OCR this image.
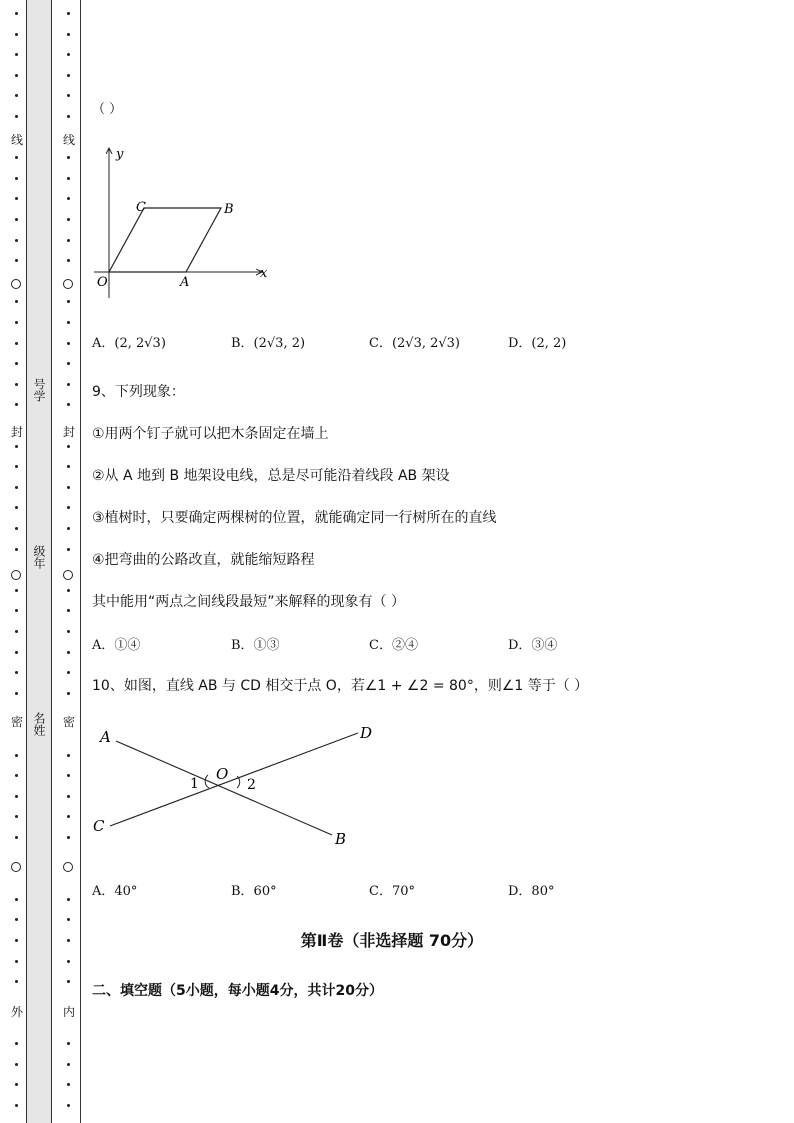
线
封
密
外
线
封
密
内
号学
级年
名姓
（ ）
y
x
O	A
B
C
A．(2, 2√3)	B．(2√3, 2)	C．(2√3, 2√3)	D．(2, 2)
9、下列现象：
①用两个钉子就可以把木条固定在墙上
②从 A 地到 B 地架设电线，总是尽可能沿着线段 AB 架设
③植树时，只要确定两棵树的位置，就能确定同一行树所在的直线
④把弯曲的公路改直，就能缩短路程
其中能用“两点之间线段最短”来解释的现象有（ ）
A．①④	B．①③	C．②④	D．③④
10、如图，直线 AB 与 CD 相交于点 O，若∠1 + ∠2 = 80°，则∠1 等于（ ）
A	D
C
B
O
1	2
A．40°	B．60°	C．70°	D．80°
第Ⅱ卷（非选择题 70分）
二、填空题（5小题，每小题4分，共计20分）
